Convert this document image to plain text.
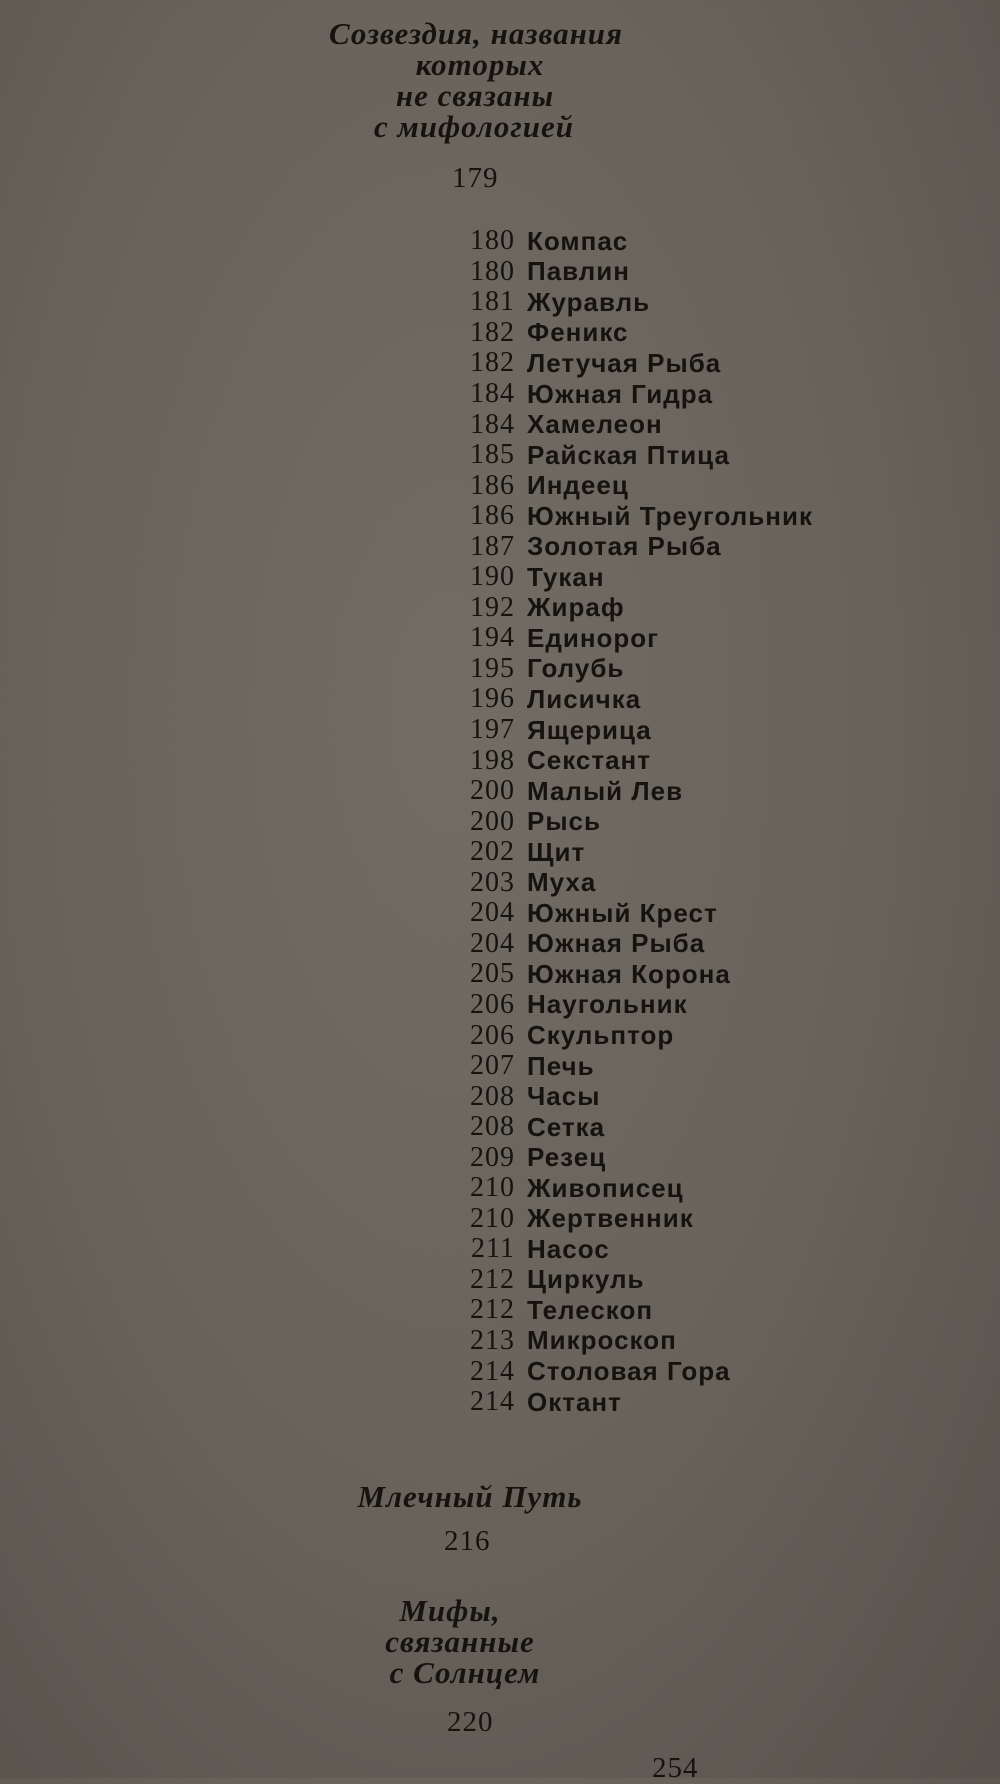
Созвездия, названия
которых
не связаны
с мифологией
179
180 Компас
180 Павлин
181 Журавль
182 Феникс
182 Летучая Рыба
184 Южная Гидра
184 Хамелеон
185 Райская Птица
186 Индеец
186 Южный Треугольник
187 Золотая Рыба
190 Тукан
192 Жираф
194 Единорог
195 Голубь
196 Лисичка
197 Ящерица
198 Секстант
200 Малый Лев
200 Рысь
202 Щит
203 Муха
204 Южный Крест
204 Южная Рыба
205 Южная Корона
206 Наугольник
206 Скульптор
207 Печь
208 Часы
208 Сетка
209 Резец
210 Живописец
210 Жертвенник
211 Насос
212 Циркуль
212 Телескоп
213 Микроскоп
214 Столовая Гора
214 Октант
Млечный Путь
216
Мифы,
связанные
с Солнцем
220
254
